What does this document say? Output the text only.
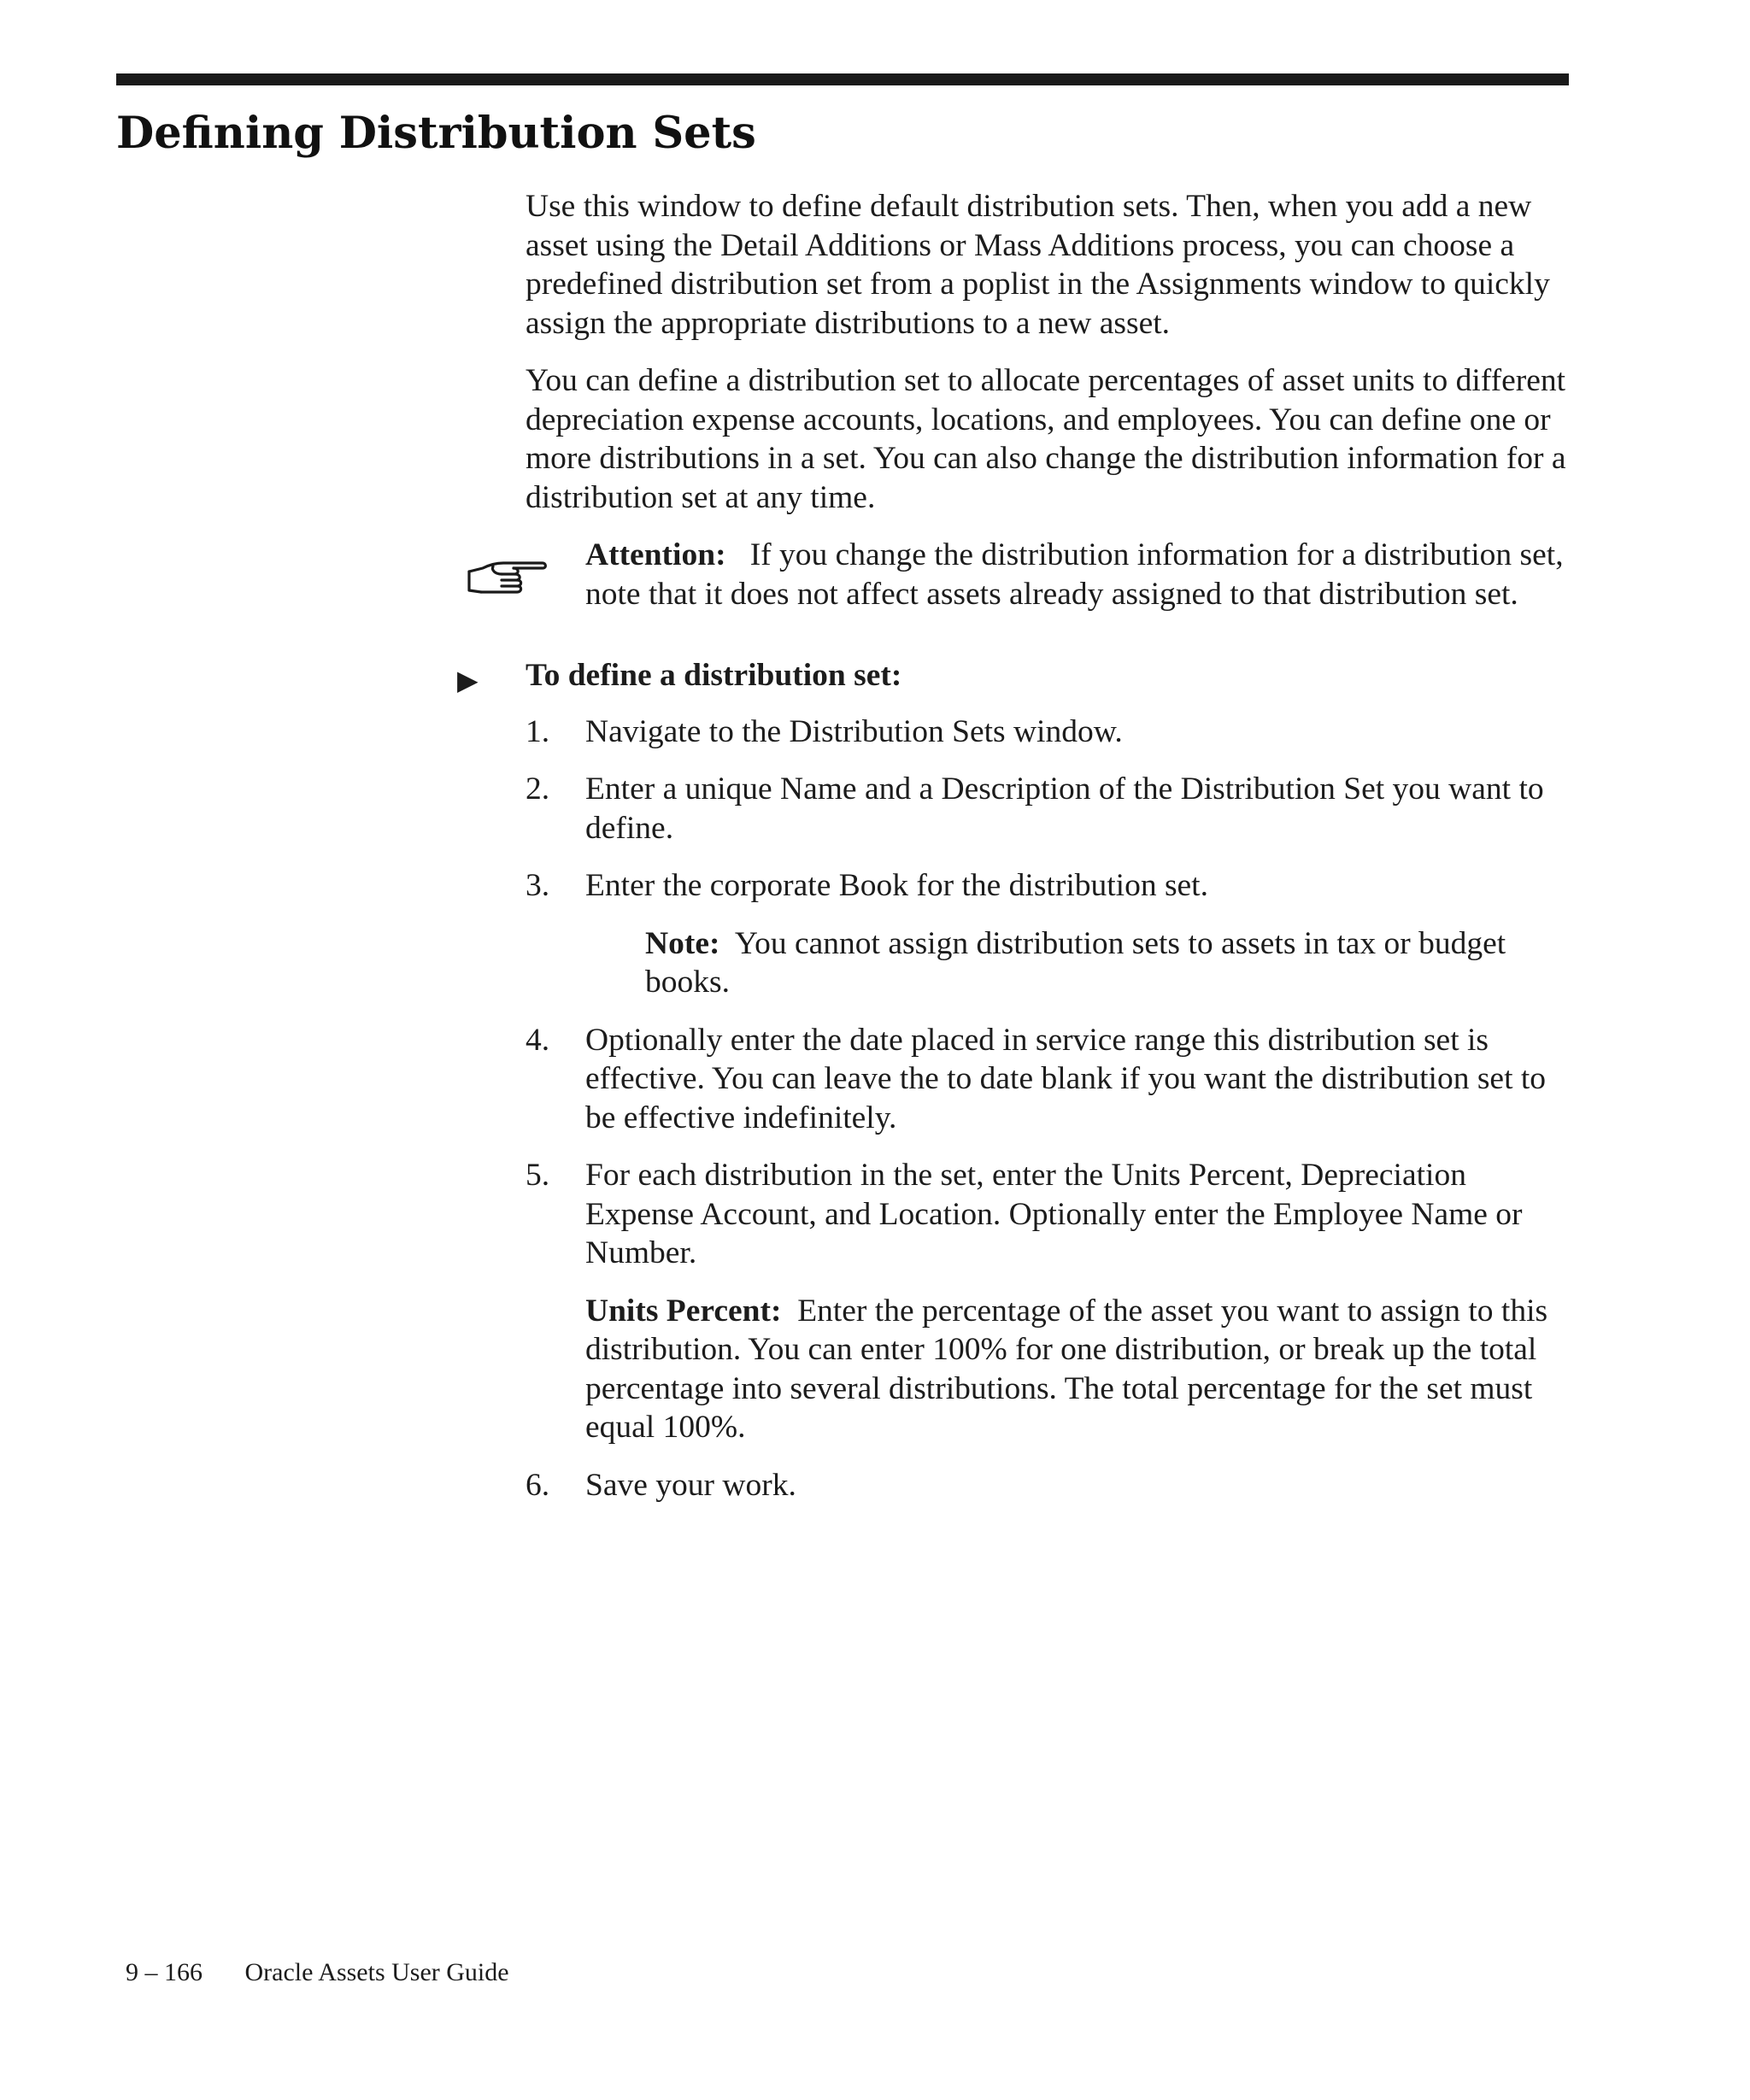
Defining Distribution Sets

Use this window to define default distribution sets. Then, when you add a new asset using the Detail Additions or Mass Additions process, you can choose a predefined distribution set from a poplist in the Assignments window to quickly assign the appropriate distributions to a new asset.

You can define a distribution set to allocate percentages of asset units to different depreciation expense accounts, locations, and employees. You can define one or more distributions in a set. You can also change the distribution information for a distribution set at any time.

Attention: If you change the distribution information for a distribution set, note that it does not affect assets already assigned to that distribution set.
▶ To define a distribution set:
1. Navigate to the Distribution Sets window.
2. Enter a unique Name and a Description of the Distribution Set you want to define.
3. Enter the corporate Book for the distribution set.
Note: You cannot assign distribution sets to assets in tax or budget books.
4. Optionally enter the date placed in service range this distribution set is effective. You can leave the to date blank if you want the distribution set to be effective indefinitely.
5. For each distribution in the set, enter the Units Percent, Depreciation Expense Account, and Location. Optionally enter the Employee Name or Number.
Units Percent: Enter the percentage of the asset you want to assign to this distribution. You can enter 100% for one distribution, or break up the total percentage into several distributions. The total percentage for the set must equal 100%.
6. Save your work.
9 – 166 Oracle Assets User Guide
